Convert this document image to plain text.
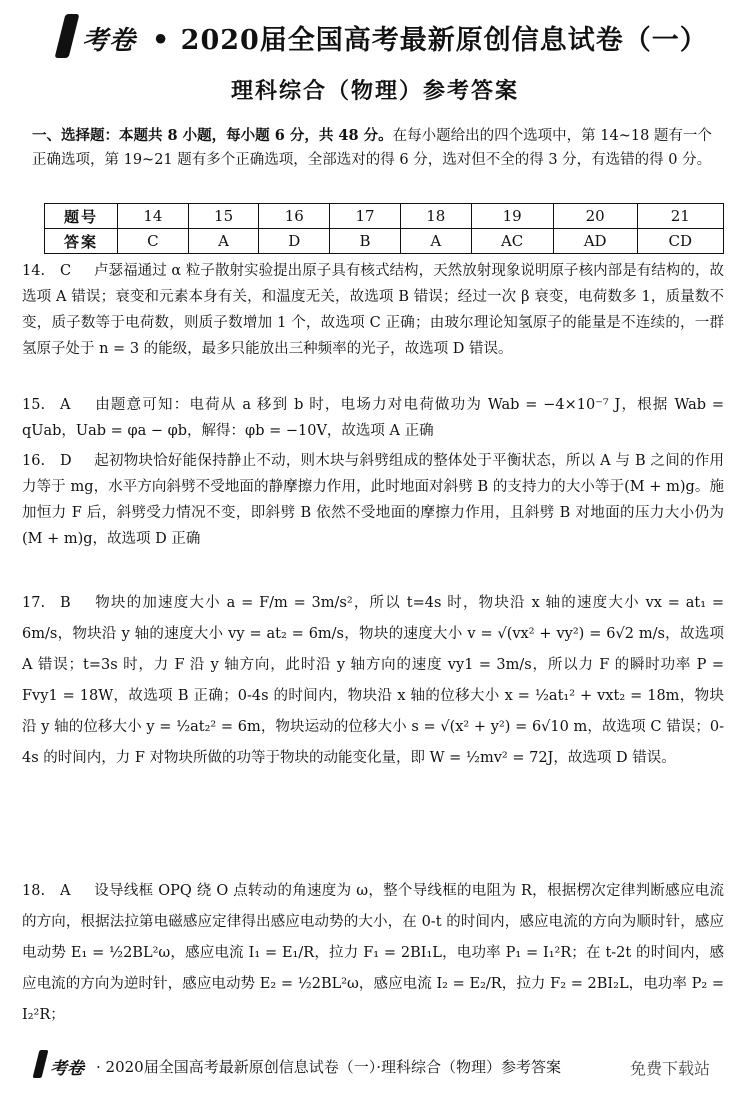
考卷 • 2020届全国高考最新原创信息试卷（一）
理科综合（物理）参考答案
一、选择题：本题共 8 小题，每小题 6 分，共 48 分。在每小题给出的四个选项中，第 14~18 题有一个正确选项，第 19~21 题有多个正确选项，全部选对的得 6 分，选对但不全的得 3 分，有选错的得 0 分。
题号	14	15	16	17	18	19	20	21
答案	C	A	D	B	A	AC	AD	CD
14. C 卢瑟福通过 α 粒子散射实验提出原子具有核式结构，天然放射现象说明原子核内部是有结构的，故选项 A 错误；衰变和元素本身有关，和温度无关，故选项 B 错误；经过一次 β 衰变，电荷数多 1，质量数不变，质子数等于电荷数，则质子数增加 1 个，故选项 C 正确；由玻尔理论知氢原子的能量是不连续的，一群氢原子处于 n = 3 的能级，最多只能放出三种频率的光子，故选项 D 错误。
15. A 由题意可知：电荷从 a 移到 b 时，电场力对电荷做功为 Wab = −4×10⁻⁷ J，根据 Wab = qUab，Uab = φa − φb，解得：φb = −10V，故选项 A 正确
16. D 起初物块恰好能保持静止不动，则木块与斜劈组成的整体处于平衡状态，所以 A 与 B 之间的作用力等于 mg，水平方向斜劈不受地面的静摩擦力作用，此时地面对斜劈 B 的支持力的大小等于(M + m)g。施加恒力 F 后，斜劈受力情况不变，即斜劈 B 依然不受地面的摩擦力作用，且斜劈 B 对地面的压力大小仍为(M + m)g，故选项 D 正确
17. B 物块的加速度大小 a = F/m = 3m/s²，所以 t=4s 时，物块沿 x 轴的速度大小 vx = at₁ = 6m/s，物块沿 y 轴的速度大小 vy = at₂ = 6m/s，物块的速度大小 v = √(vx² + vy²) = 6√2 m/s，故选项 A 错误；t=3s 时，力 F 沿 y 轴方向，此时沿 y 轴方向的速度 vy1 = 3m/s，所以力 F 的瞬时功率 P = Fvy1 = 18W，故选项 B 正确；0-4s 的时间内，物块沿 x 轴的位移大小 x = ½at₁² + vxt₂ = 18m，物块沿 y 轴的位移大小 y = ½at₂² = 6m，物块运动的位移大小 s = √(x² + y²) = 6√10 m，故选项 C 错误；0-4s 的时间内，力 F 对物块所做的功等于物块的动能变化量，即 W = ½mv² = 72J，故选项 D 错误。
18. A 设导线框 OPQ 绕 O 点转动的角速度为 ω，整个导线框的电阻为 R，根据楞次定律判断感应电流的方向，根据法拉第电磁感应定律得出感应电动势的大小，在 0-t 的时间内，感应电流的方向为顺时针，感应电动势 E₁ = ½2BL²ω，感应电流 I₁ = E₁/R，拉力 F₁ = 2BI₁L，电功率 P₁ = I₁²R；在 t-2t 的时间内，感应电流的方向为逆时针，感应电动势 E₂ = ½2BL²ω，感应电流 I₂ = E₂/R，拉力 F₂ = 2BI₂L，电功率 P₂ = I₂²R；
考卷 · 2020届全国高考最新原创信息试卷（一）·理科综合（物理）参考答案	免费下载站
